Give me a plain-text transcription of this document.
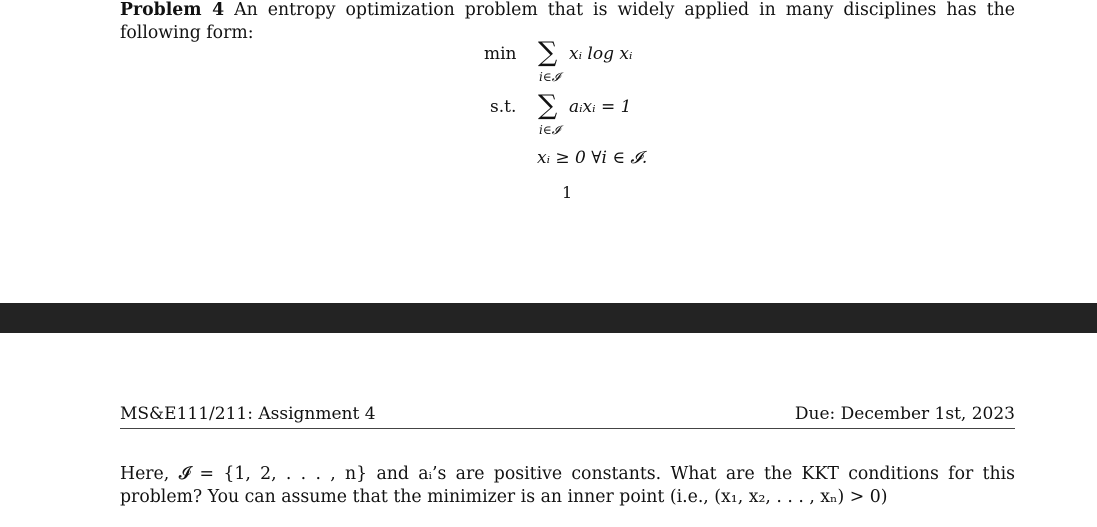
Problem 4 An entropy optimization problem that is widely applied in many disciplines has the following form:
min ∑
i∈𝓘
xᵢ log xᵢ
s.t. ∑
i∈𝓘
aᵢxᵢ = 1
xᵢ ≥ 0 ∀i ∈ 𝓘.
1
MS&E111/211: Assignment 4	Due: December 1st, 2023
Here, 𝓘 = {1, 2, . . . , n} and aᵢ’s are positive constants. What are the KKT conditions for this problem? You can assume that the minimizer is an inner point (i.e., (x₁, x₂, . . . , xₙ) > 0)
